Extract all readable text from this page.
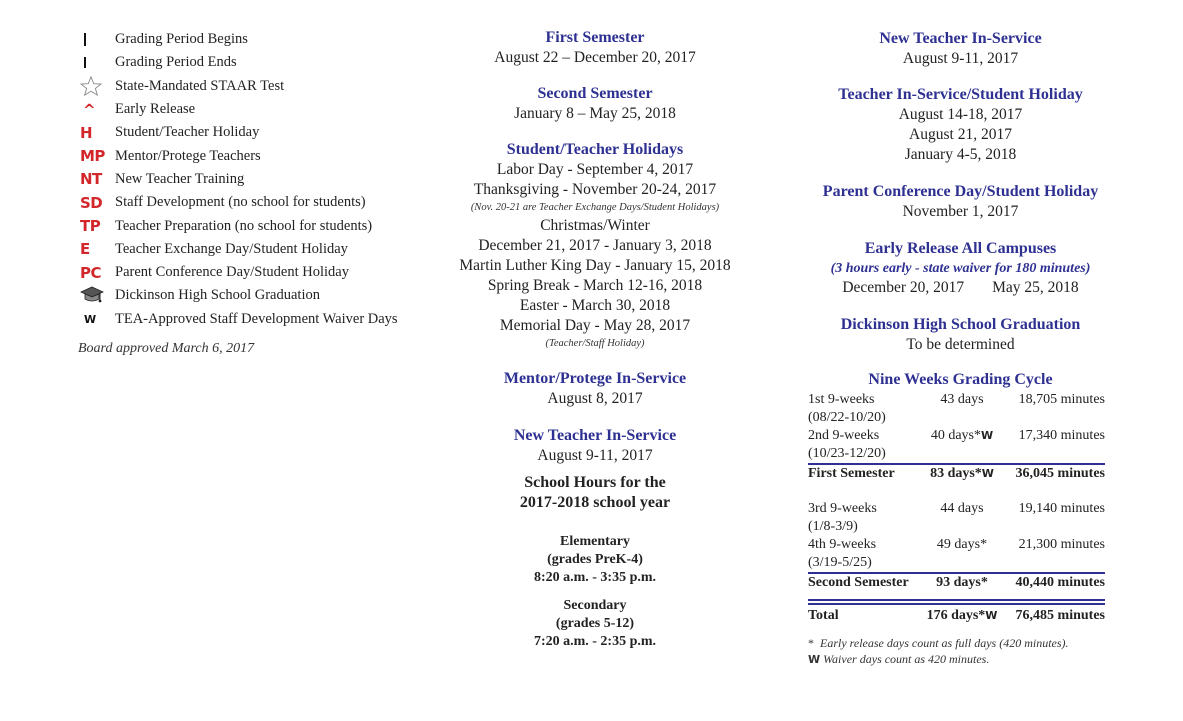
Grading Period Begins
Grading Period Ends
State-Mandated STAAR Test
^	Early Release
H	Student/Teacher Holiday
MP Mentor/Protege Teachers
NT New Teacher Training
SD Staff Development (no school for students)
TP	Teacher Preparation (no school for students)
E	Teacher Exchange Day/Student Holiday
PC Parent Conference Day/Student Holiday
Dickinson High School Graduation
W	TEA-Approved Staff Development Waiver Days
Board approved March 6, 2017
First Semester
August 22 – December 20, 2017
Second Semester
January 8 – May 25, 2018
Student/Teacher Holidays
Labor Day - September 4, 2017
Thanksgiving - November 20-24, 2017
(Nov. 20-21 are Teacher Exchange Days/Student Holidays)
Christmas/Winter
December 21, 2017 - January 3, 2018
Martin Luther King Day - January 15, 2018
Spring Break - March 12-16, 2018
Easter - March 30, 2018
Memorial Day - May 28, 2017
(Teacher/Staff Holiday)
Mentor/Protege In-Service
August 8, 2017
New Teacher In-Service
August 9-11, 2017
School Hours for the
2017-2018 school year
Elementary
(grades PreK-4)
8:20 a.m. - 3:35 p.m.
Secondary
(grades 5-12)
7:20 a.m. - 2:35 p.m.
New Teacher In-Service
August 9-11, 2017
Teacher In-Service/Student Holiday
August 14-18, 2017
August 21, 2017
January 4-5, 2018
Parent Conference Day/Student Holiday
November 1, 2017
Early Release All Campuses
(3 hours early - state waiver for 180 minutes)
December 20, 2017 May 25, 2018
Dickinson High School Graduation
To be determined
Nine Weeks Grading Cycle
1st 9-weeks	43 days	18,705 minutes
(08/22-10/20)
2nd 9-weeks	40 days*W	17,340 minutes
(10/23-12/20)
First Semester	83 days*W	36,045 minutes
3rd 9-weeks	44 days	19,140 minutes
(1/8-3/9)
4th 9-weeks	49 days*	21,300 minutes
(3/19-5/25)
Second Semester	93 days*	40,440 minutes
Total	176 days*W	76,485 minutes
* Early release days count as full days (420 minutes).
W Waiver days count as 420 minutes.
